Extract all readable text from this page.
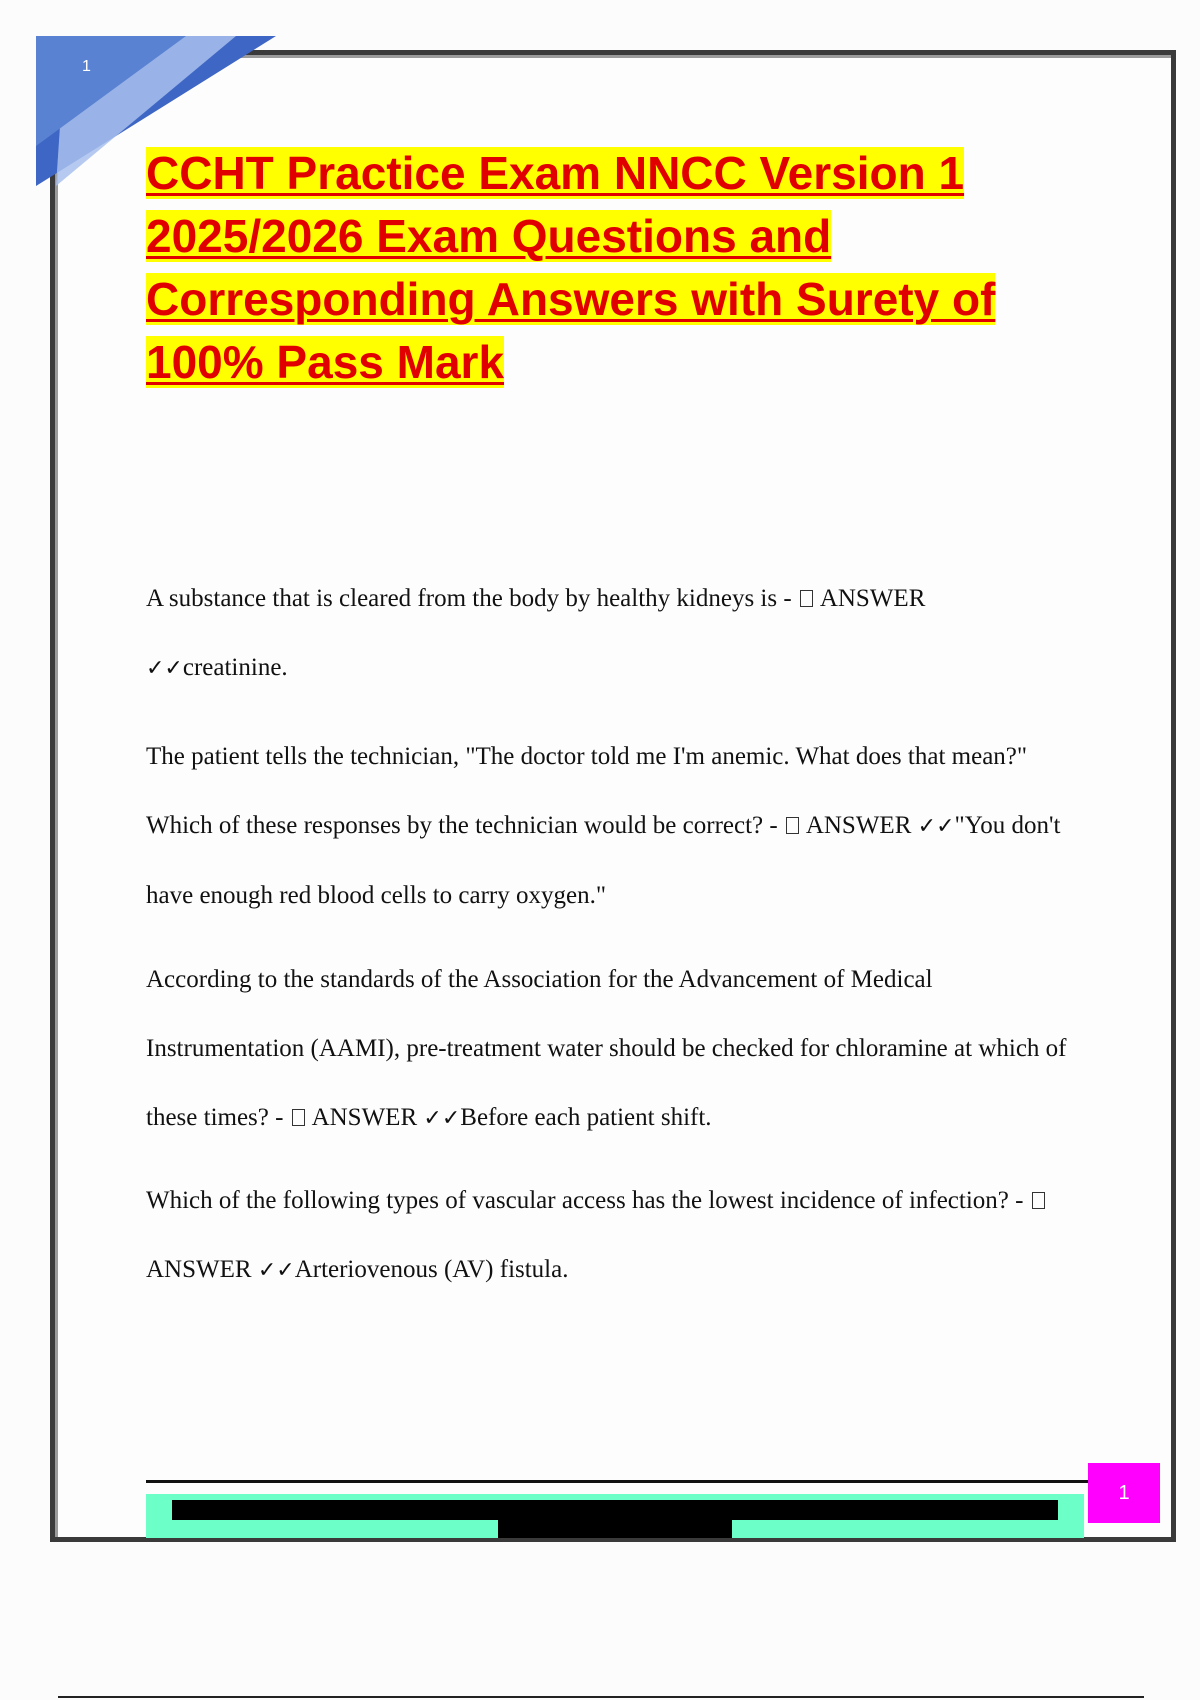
1
CCHT Practice Exam NNCC Version 1
2025/2026 Exam Questions and
Corresponding Answers with Surety of
100% Pass Mark

A substance that is cleared from the body by healthy kidneys is - ANSWER
✓✓creatinine.

The patient tells the technician, "The doctor told me I'm anemic. What does that mean?" Which of these responses by the technician would be correct? - ANSWER ✓✓"You don't have enough red blood cells to carry oxygen."

According to the standards of the Association for the Advancement of Medical Instrumentation (AAMI), pre-treatment water should be checked for chloramine at which of these times? - ANSWER ✓✓Before each patient shift.

Which of the following types of vascular access has the lowest incidence of infection? -  ANSWER ✓✓Arteriovenous (AV) fistula.

1
